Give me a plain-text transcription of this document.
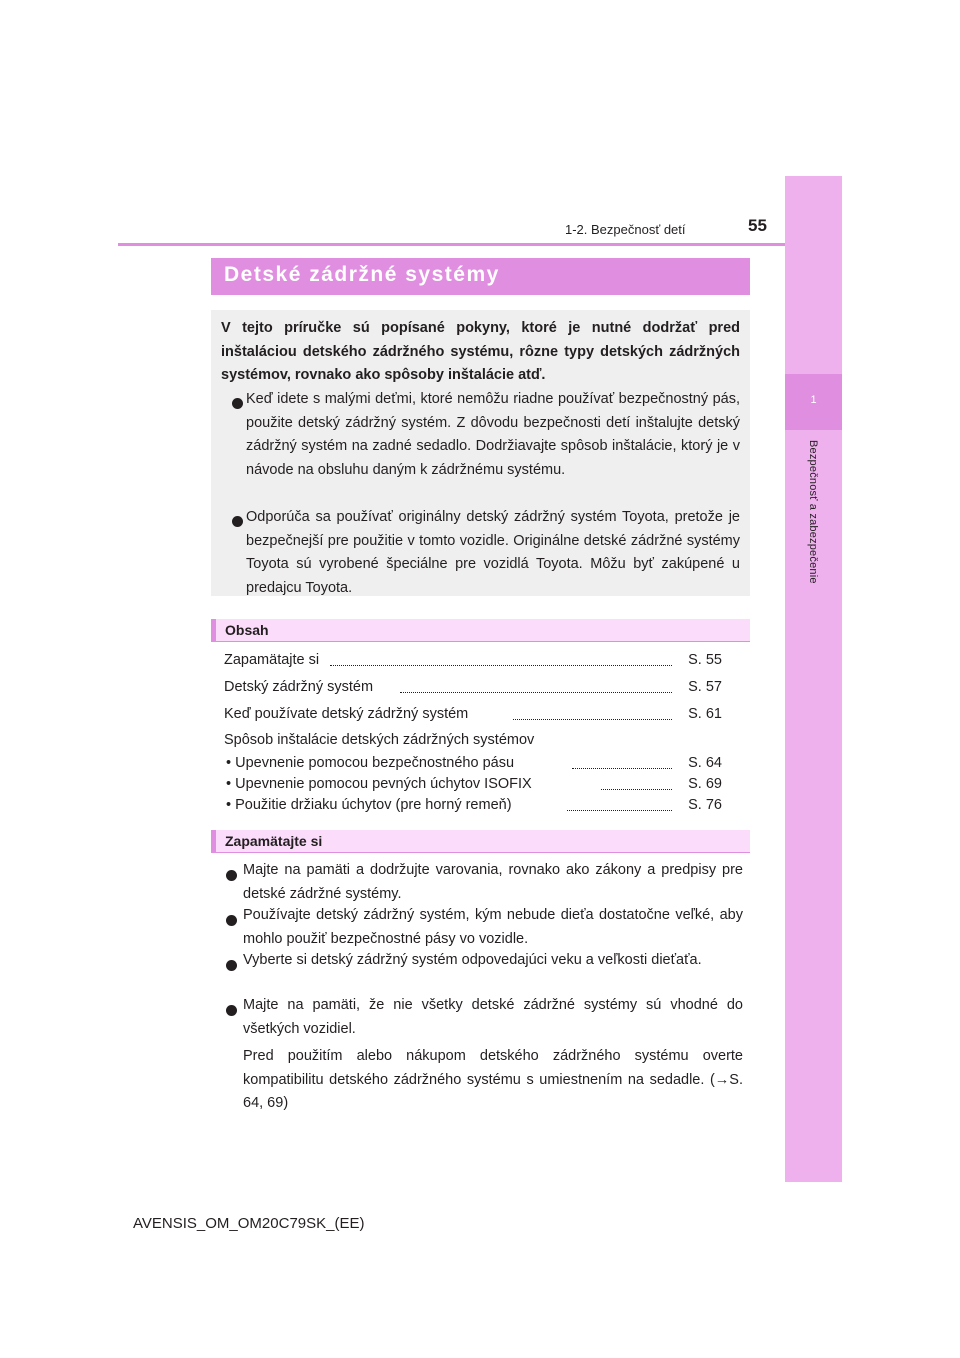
1
Bezpečnosť a zabezpečenie
1-2. Bezpečnosť detí	55
Detské zádržné systémy
V tejto príručke sú popísané pokyny, ktoré je nutné dodržať pred inštaláciou detského zádržného systému, rôzne typy detských zádržných systémov, rovnako ako spôsoby inštalácie atď.
Keď idete s malými deťmi, ktoré nemôžu riadne používať bezpečnostný pás, použite detský zádržný systém. Z dôvodu bezpečnosti detí inštalujte detský zádržný systém na zadné sedadlo. Dodržiavajte spôsob inštalácie, ktorý je v návode na obsluhu daným k zádržnému systému.
Odporúča sa používať originálny detský zádržný systém Toyota, pretože je bezpečnejší pre použitie v tomto vozidle. Originálne detské zádržné systémy Toyota sú vyrobené špeciálne pre vozidlá Toyota. Môžu byť zakúpené u predajcu Toyota.
Obsah
Zapamätajte si	S. 55
Detský zádržný systém	S. 57
Keď používate detský zádržný systém	S. 61
Spôsob inštalácie detských zádržných systémov
• Upevnenie pomocou bezpečnostného pásu	S. 64
• Upevnenie pomocou pevných úchytov ISOFIX	S. 69
• Použitie držiaku úchytov (pre horný remeň)	S. 76
Zapamätajte si
Majte na pamäti a dodržujte varovania, rovnako ako zákony a predpisy pre detské zádržné systémy.
Používajte detský zádržný systém, kým nebude dieťa dostatočne veľké, aby mohlo použiť bezpečnostné pásy vo vozidle.
Vyberte si detský zádržný systém odpovedajúci veku a veľkosti dieťaťa.
Majte na pamäti, že nie všetky detské zádržné systémy sú vhodné do všetkých vozidiel.
Pred použitím alebo nákupom detského zádržného systému overte kompatibilitu detského zádržného systému s umiestnením na sedadle. (→S. 64, 69)
AVENSIS_OM_OM20C79SK_(EE)
